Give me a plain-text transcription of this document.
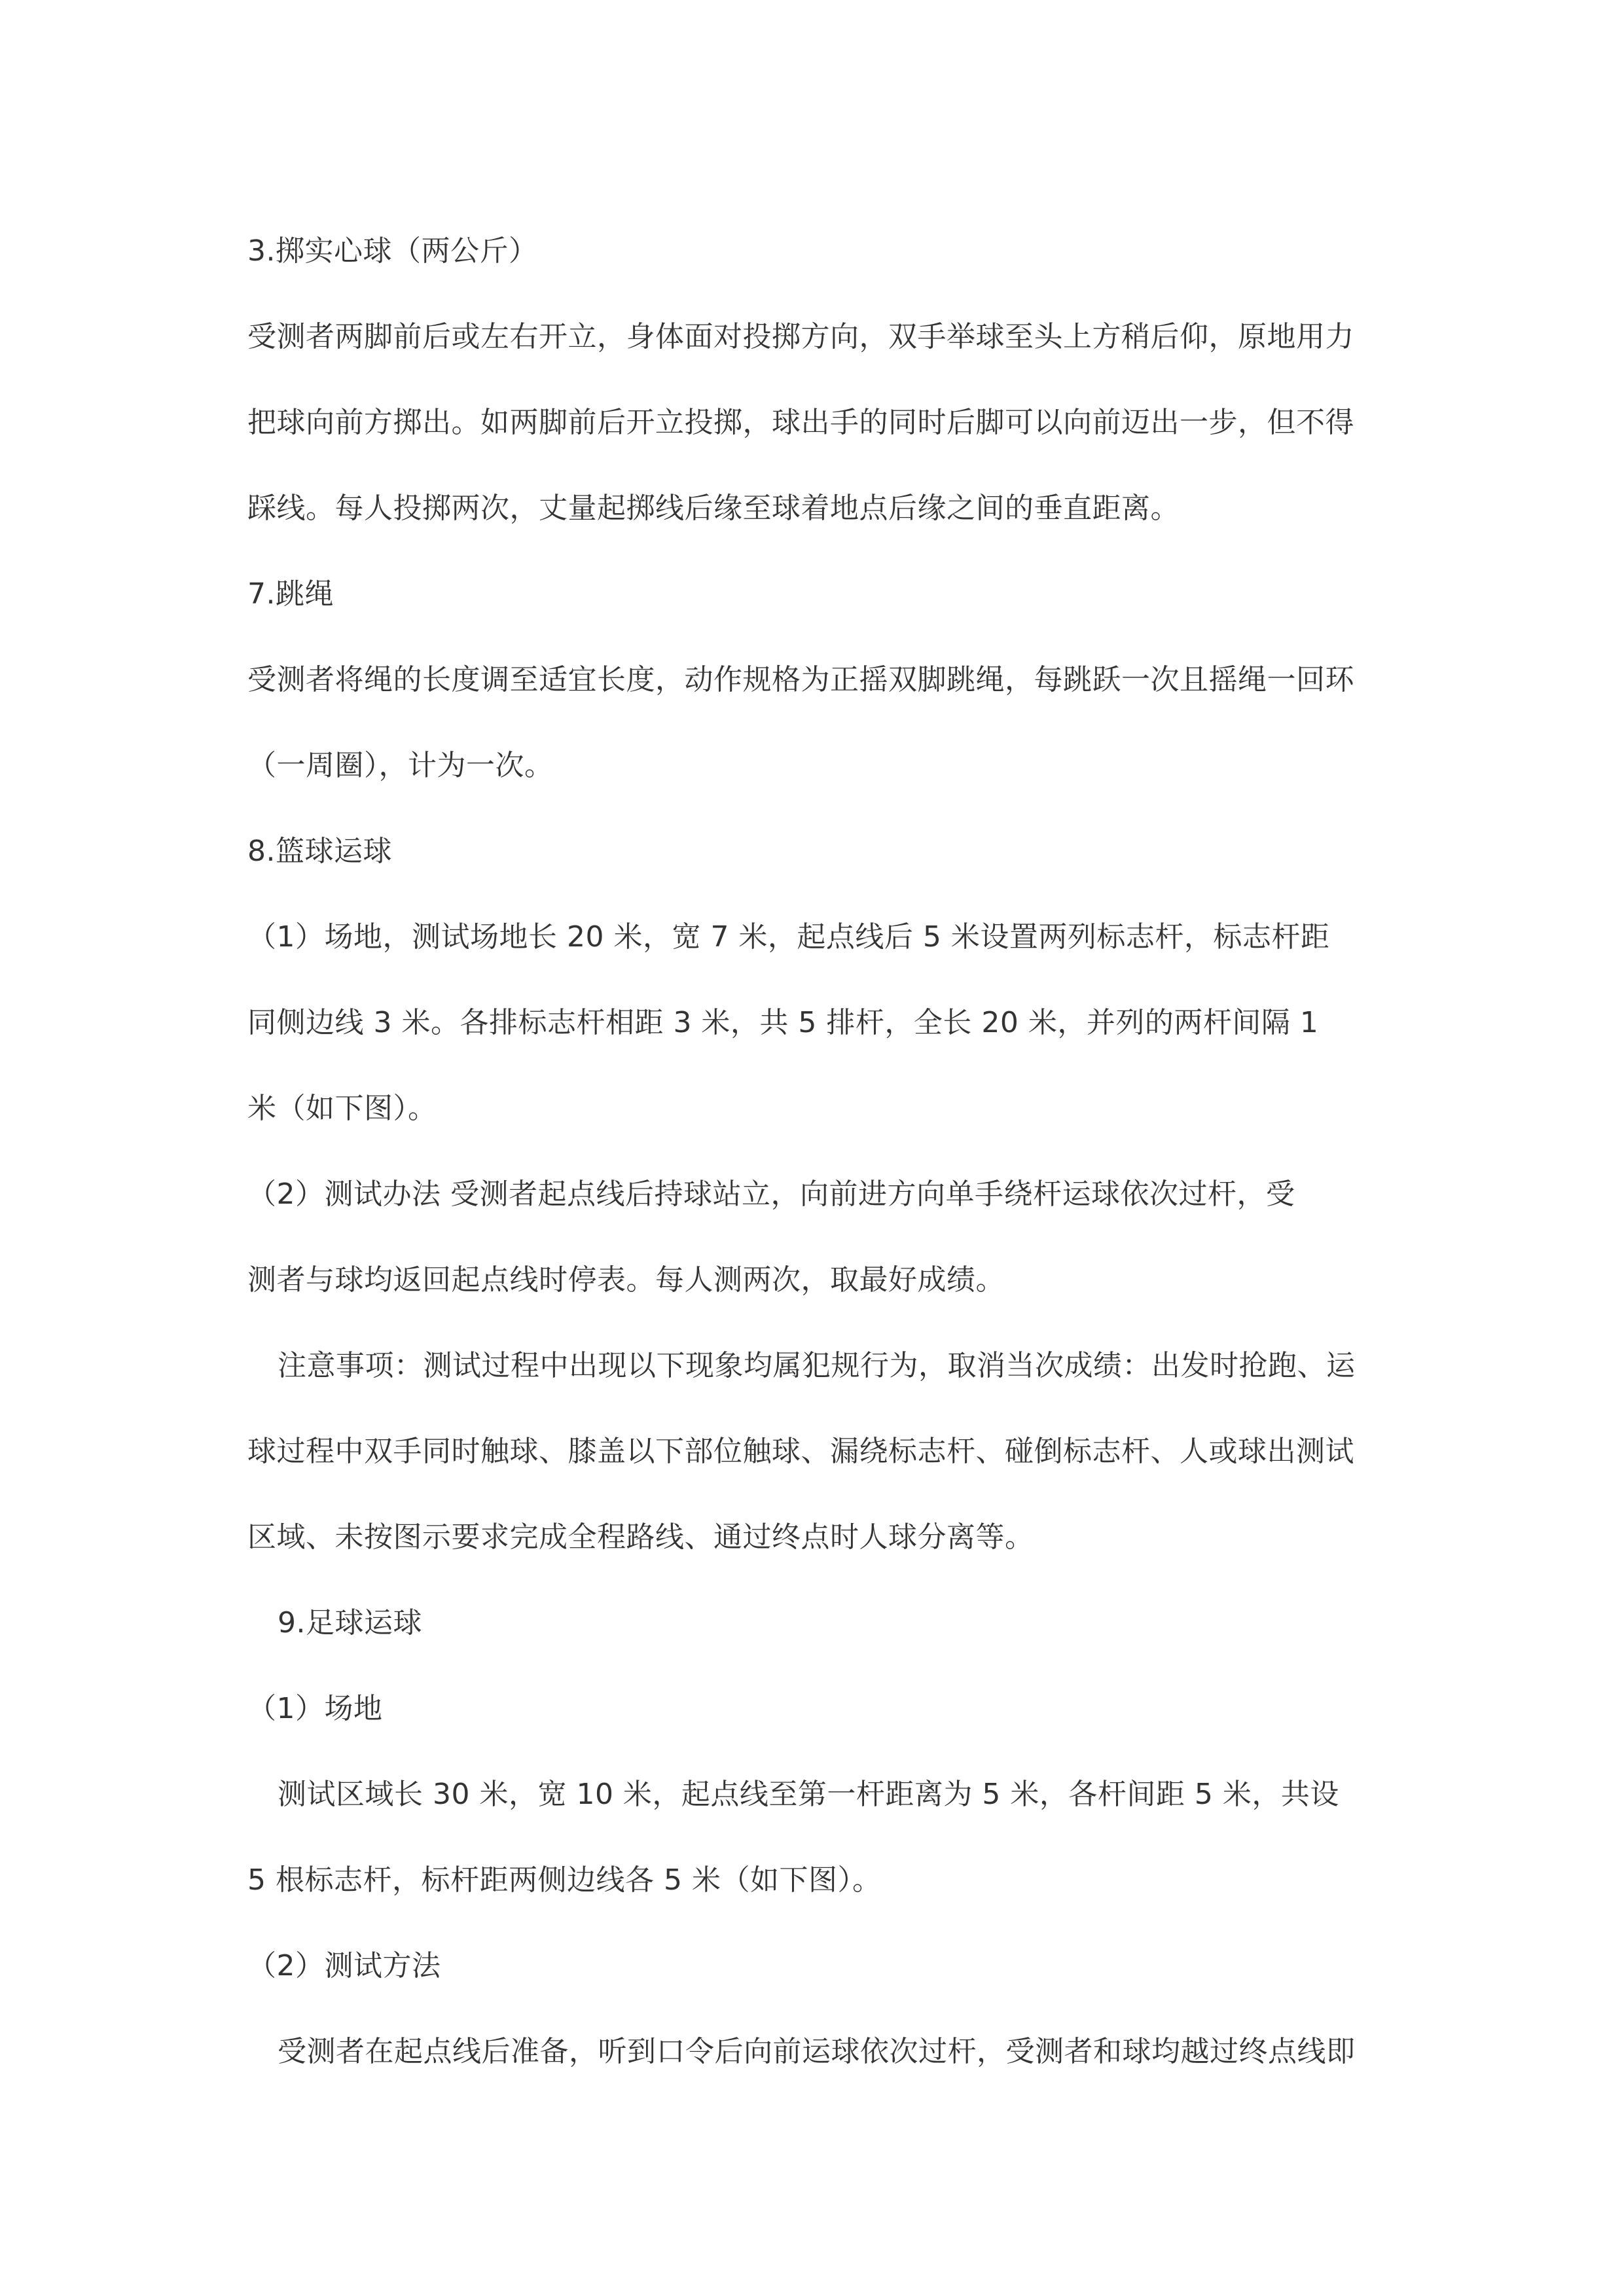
3.掷实心球（两公斤）

受测者两脚前后或左右开立，身体面对投掷方向，双手举球至头上方稍后仰，原地用力

把球向前方掷出。如两脚前后开立投掷，球出手的同时后脚可以向前迈出一步，但不得

踩线。每人投掷两次，丈量起掷线后缘至球着地点后缘之间的垂直距离。

7.跳绳

受测者将绳的长度调至适宜长度，动作规格为正摇双脚跳绳，每跳跃一次且摇绳一回环

（一周圈），计为一次。

8.篮球运球

（1）场地，测试场地长 20 米，宽 7 米，起点线后 5 米设置两列标志杆，标志杆距

同侧边线 3 米。各排标志杆相距 3 米，共 5 排杆，全长 20 米，并列的两杆间隔 1

米（如下图）。

（2）测试办法 受测者起点线后持球站立，向前进方向单手绕杆运球依次过杆，受

测者与球均返回起点线时停表。每人测两次，取最好成绩。

注意事项：测试过程中出现以下现象均属犯规行为，取消当次成绩：出发时抢跑、运

球过程中双手同时触球、膝盖以下部位触球、漏绕标志杆、碰倒标志杆、人或球出测试

区域、未按图示要求完成全程路线、通过终点时人球分离等。

9.足球运球

（1）场地

测试区域长 30 米，宽 10 米，起点线至第一杆距离为 5 米，各杆间距 5 米，共设

5 根标志杆，标杆距两侧边线各 5 米（如下图）。

（2）测试方法

受测者在起点线后准备，听到口令后向前运球依次过杆，受测者和球均越过终点线即
